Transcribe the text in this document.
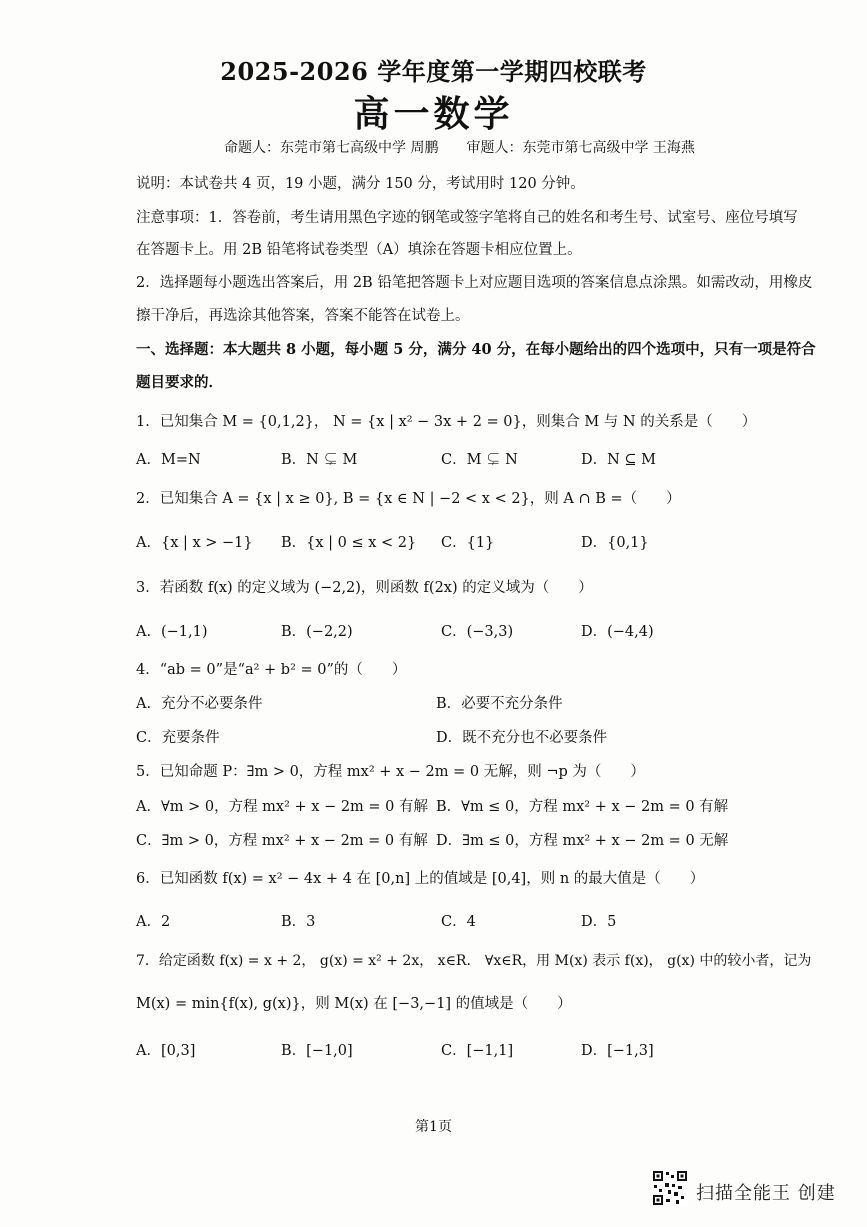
2025-2026 学年度第一学期四校联考
高一数学
命题人：东莞市第七高级中学 周鹏　　审题人：东莞市第七高级中学 王海燕
说明：本试卷共 4 页，19 小题，满分 150 分，考试用时 120 分钟。
注意事项：1．答卷前，考生请用黑色字迹的钢笔或签字笔将自己的姓名和考生号、试室号、座位号填写
在答题卡上。用 2B 铅笔将试卷类型（A）填涂在答题卡相应位置上。
2．选择题每小题选出答案后，用 2B 铅笔把答题卡上对应题目选项的答案信息点涂黑。如需改动，用橡皮
擦干净后，再选涂其他答案，答案不能答在试卷上。
一、选择题：本大题共 8 小题，每小题 5 分，满分 40 分，在每小题给出的四个选项中，只有一项是符合
题目要求的．
1．已知集合 M = {0,1,2}， N = {x | x² − 3x + 2 = 0}，则集合 M 与 N 的关系是（　　）
A．M=N	B．N ⊊ M	C．M ⊊ N	D．N ⊆ M
2．已知集合 A = {x | x ≥ 0}, B = {x ∈ N | −2 < x < 2}，则 A ∩ B =（　　）
A．{x | x > −1} B．{x | 0 ≤ x < 2} C．{1}	D．{0,1}
3．若函数 f(x) 的定义域为 (−2,2)，则函数 f(2x) 的定义域为（　　）
A．(−1,1)	B．(−2,2)	C．(−3,3)	D．(−4,4)
4．“ab = 0”是“a² + b² = 0”的（　　）
A．充分不必要条件	B．必要不充分条件
C．充要条件	D．既不充分也不必要条件
5．已知命题 P：∃m > 0，方程 mx² + x − 2m = 0 无解，则 ¬p 为（　　）
A．∀m > 0，方程 mx² + x − 2m = 0 有解 B．∀m ≤ 0，方程 mx² + x − 2m = 0 有解
C．∃m > 0，方程 mx² + x − 2m = 0 有解 D．∃m ≤ 0，方程 mx² + x − 2m = 0 无解
6．已知函数 f(x) = x² − 4x + 4 在 [0,n] 上的值域是 [0,4]，则 n 的最大值是（　　）
A．2	B．3	C．4	D．5
7．给定函数 f(x) = x + 2， g(x) = x² + 2x， x∈R． ∀x∈R，用 M(x) 表示 f(x)， g(x) 中的较小者，记为
M(x) = min{f(x), g(x)}，则 M(x) 在 [−3,−1] 的值域是（　　）
A．[0,3]	B．[−1,0]	C．[−1,1]	D．[−1,3]
第1页
扫描全能王 创建
